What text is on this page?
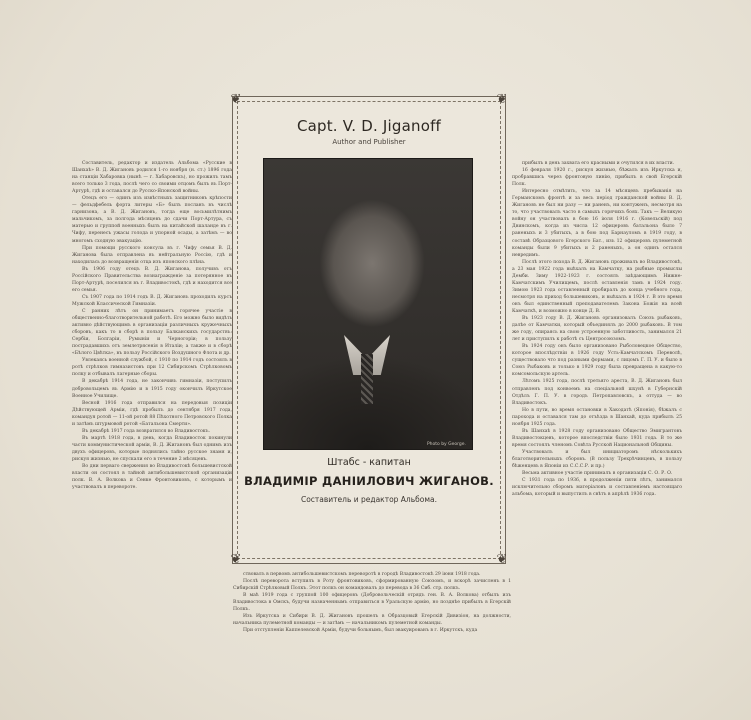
Составитель, редактор и издатель Альбома «Русские в Шанхаѣ» В. Д. Жигановъ родился 1-го ноября (н. ст.) 1896 года на станцiи Хабаровка (нынѣ — г. Хабаровскъ), но прожилъ тамъ всего только 3 года, послѣ чего со своими отцомъ былъ въ Порт-Артурѣ, гдѣ и оставался до Русско-Японской войны.

Отецъ его — одинъ изъ извѣстныхъ защитниковъ крѣпости — фельдфебель форта литеры «Б» былъ посланъ въ числѣ гарнизона, а В. Д. Жигановъ, тогда еще восьмилѣтнимъ мальчикомъ, за полгода мѣсяцевъ до сдачи Порт-Артура, съ матерью и группой военныхъ былъ на китайской шаланде въ г. Чифу, перенесъ ужасы голода и упорной осады, а затѣмъ — во многомъ сходную эвакуацiю.

При помощи русского консула въ г. Чифу семья В. Д. Жиганова была отправлена въ нейтральную Россiю, гдѣ и находилась до возвращенiя отца изъ японского плѣна.

Въ 1906 году отецъ В. Д. Жиганова, получивъ отъ Россiйского Правительства вознагражденiе за потерянное въ Порт-Артурѣ, поселился въ г. Владивостокѣ, гдѣ и находится все его семья.

Съ 1907 года по 1914 годъ В. Д. Жигановъ проходилъ курсъ Мужской Классической Гимназiи.

С ранних лѣтъ он принимаетъ горячее участiе в общественно-благотворительной работѣ. Его можно было видѣть активно дѣйствующимъ в организацiи различныхъ кружечныхъ сборовъ, какъ то в сборѣ в пользу Балканскихъ государствъ: Сербiи, Болгарiи, Румынiи и Черногорiи; в пользу пострадавшихъ отъ землетрясенiя в Италiи; а также и в сборѣ «Бѣлого Цвѣтка», въ пользу Россiйского Воздушного Флота и др.

Увлекаясь военной службой, с 1910 по 1914 годъ состоялъ в ротѣ стрѣлков гимназистовъ при 12 Сибирскомъ Стрѣлковомъ полку и отбывалъ лагерные сборы.

В декабрѣ 1914 года, не закончивъ гимназiи, поступилъ добровольцемъ въ Армiю и в 1915 году окончилъ Иркутское Военное Училище.

Весной 1916 года отправился на передовыя позицiи Дѣйствующей Армiи, гдѣ пробылъ до сентября 1917 года, командуя ротой — 11-ой ротой 88 Пѣхотного Петровского Полка и затѣмъ штурмовой ротой «Батальона Смерти».

Въ декабрѣ 1917 года возвратился во Владивостокъ.

Въ мартѣ 1918 года, в день, когда Владивосток покинули части коммунистической армiи, В. Д. Жигановъ был однимъ изъ двухъ офицеровъ, которые поднялись тайно русское знамя и, рискуя жизнью, не спускали его в течение 2 мѣсяцевъ.

Во дни перваго свержения во Владивостокѣ большевистской власти он состоял в тайной антибольшевистской организацiи полк. В. А. Волкова и Сенке Фронтовиковъ, с которымъ и участвовалъ в перевороте.

прибылъ в день захвата его красными и очутился в их власти.

16 февраля 1920 г., рискуя жизнью, бѣжалъ изъ Иркутска и, пробравшись через фронтовую линiю, прибылъ в свой Егерскiй Полк.

Интересно отмѣтить, что за 14 мѣсяцевъ пребыванiя на Германскомъ фронтѣ и за весь перiод гражданской войны В. Д. Жигановъ не был ни разу — ни раненъ, ни контуженъ, несмотря на то, что участвовалъ часто в самыхъ горячихъ боях. Такъ — Великую войну он участвовалъ в бою 16 iюля 1916 г. (Ковельскiй) под Двинскомъ, когда из числа 12 офицеровъ батальона было 7 раненыхъ и 3 убитыхъ, а в бою под Барнауломъ в 1919 году, в составѣ Образцового Егерского Бат., изъ 12 офицеровъ пулеметной команды были 9 убитыхъ и 2 раненыхъ, а он одинъ остался невредимъ.

Послѣ этого похода В. Д. Жигановъ проживалъ во Владивостокѣ, а 23 мая 1922 года выѣхалъ на Камчатку, на рыбные промыслы Демби. Зиму 1922-1923 г. состоялъ заѣдающимъ Нижне-Камчатскимъ Училищемъ, послѣ оставленiя тамъ в 1924 году. Зимою 1923 года оставленный пробиралъ до конца учебного года, несмотря на приход большевиковъ, и выѣхалъ в 1924 г. В это время онъ был единственный преподавателемъ Закона Божiя на всей Камчаткѣ, и возможно в конце Д. В.

Въ 1923 году В. Д. Жигановъ организовалъ Союзъ рыбаковъ, далѣе от Камчатки, который объединялъ до 2000 рыбаковъ. В том же году, опираясь на свою устроенную заботливость, занимался 21 лет и приступилъ к работѣ съ Центросоюзомъ.

Въ 1924 году онъ было организовано Рыболовецкое Общество, которое впослѣдствiи в 1926 году Усть-Камчатскомъ Переволѣ, существовало что под разными формами, с лицомъ Г. П. У. и было в Союз Рыбаковъ и только в 1929 году была превращена в какую-то комсомольскую артель.

Лѣтомъ 1925 года, послѣ третьяго ареста, В. Д. Жигановъ был отправленъ под конвоемъ на спецiальной шхунѣ в Губернскiй Отдѣлъ Г. П. У. в городъ Петропавловскъ, а оттуда — во Владивостокъ.

Но в пути, во время остановки в Хакодатѣ (Японiя), бѣжалъ с парохода и оставался там до отъѣзда в Шанхай, куда прибылъ 25 ноября 1925 года.

Въ Шанхаѣ в 1928 году организовано Общество Эмигрантовъ Владивостокцевъ, которое впоследствiи было 1931 года. В то же время состоялъ членомъ Совѣта Русской Национальной Общины.

Участвовалъ и был инициаторомъ нѣсколькихъ благотворительныхъ сборовъ. (В пользу Трехрѣчинцевъ, в пользу бѣженцевъ в Японiи из С.С.С.Р. и пр.)

Весьма активное участiе принималъ в организацiи С. О. Р. О.

С 1931 года по 1936, в продолженiи пяти лѣтъ, занимался исключительно сборомъ матерiаловъ и составленiемъ настоящаго альбома, который и выпустилъ в свѣтъ в апрѣлѣ 1936 года.

ствовалъ в первомъ антибольшевистскомъ переворотѣ в городѣ Владивостокѣ 29 iюня 1918 года.

Послѣ переворота вступилъ в Роту фронтовиковъ, сформированную Союзомъ, и вскорѣ зачисленъ в 1 Сибирскiй Стрѣлковый Полкъ. Этот полкъ он командовалъ до перевода в 36 Сиб. стр. полкъ.

В маѣ 1919 года с группой 100 офицеровъ (Добровольческiй отрядъ ген. В. А. Волкова) отбылъ изъ Владивостока в Омскъ, будучи назначеннымъ отправиться в Уральскую армiю, но позднѣе прибылъ в Егерскiй Полкъ.

Изъ Иркутска и Сибири В. Д. Жигановъ прошелъ в Образцовый Егерскiй Дивизiон, на должности, начальника пулеметной команды — и затѣмъ — начальникомъ пулеметной команды.

При отступленiи Каппелевской Армiи, будучи больнымъ, был эвакуированъ в г. Иркутскъ, куда

❦	❦
❦	❦
Capt. V. D. Jiganoff
Author and Publisher
Photo by George.
Штабс - капитан
ВЛАДИМIР ДАНIИЛОВИЧ ЖИГАНОВ.
Составитель и редактор Альбома.
